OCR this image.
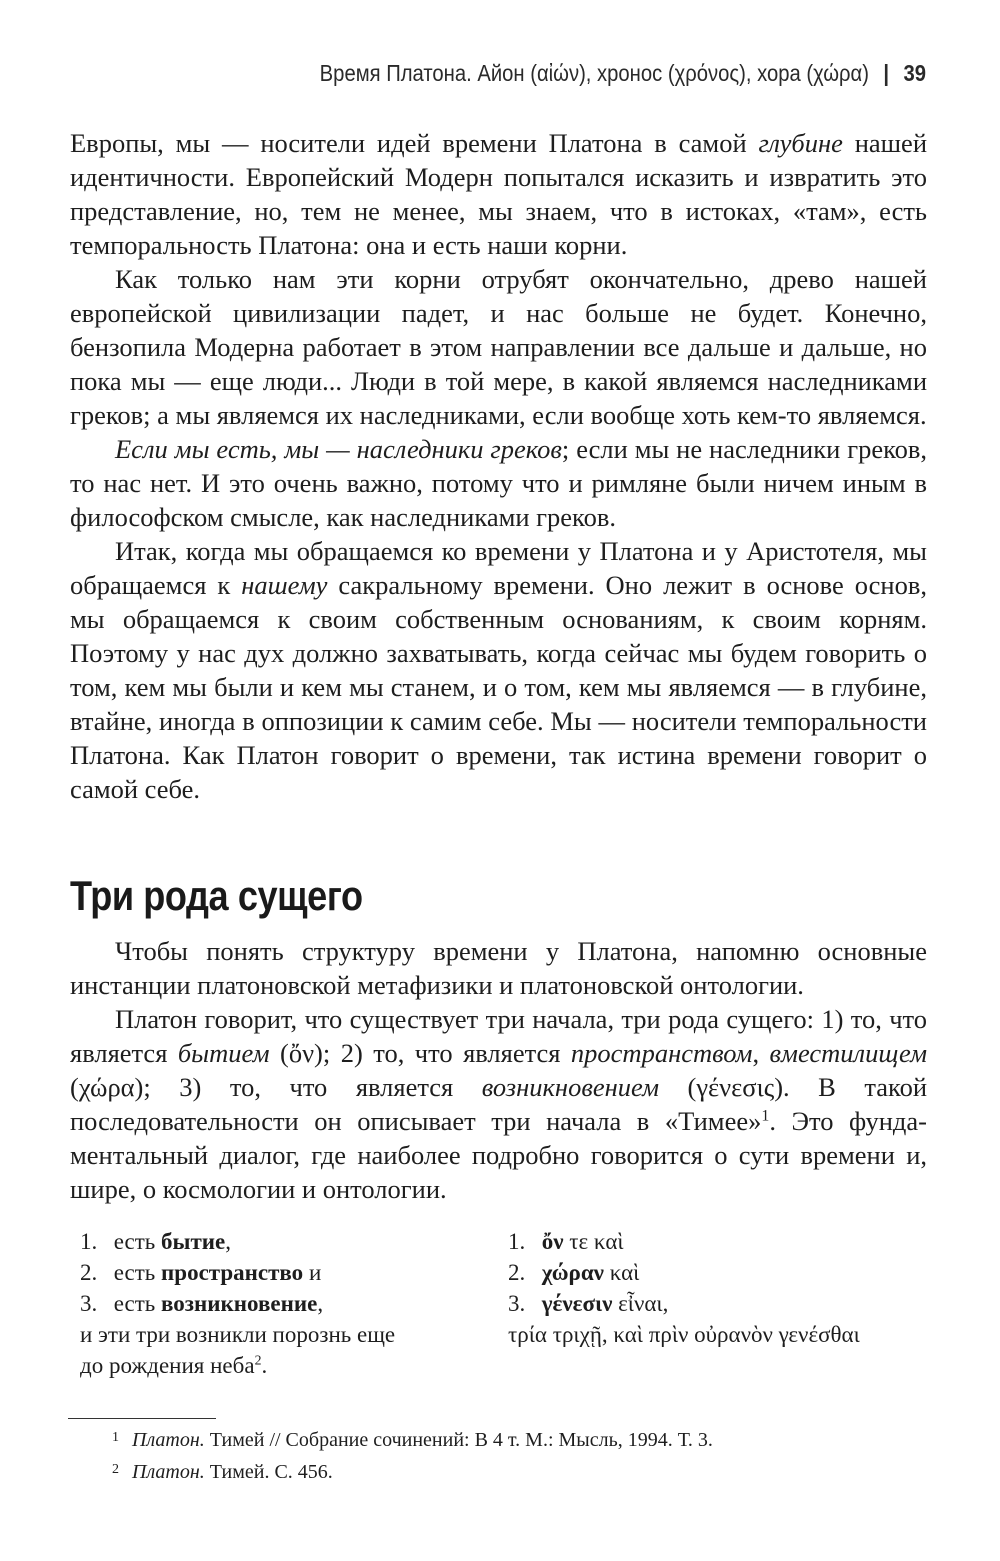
Время Платона. Айон (αἰών), хронос (χρόνος), хора (χώρα) | 39

Европы, мы — носители идей времени Платона в самой глубине нашей идентичности. Европейский Модерн попытался исказить и извратить это представление, но, тем не менее, мы знаем, что в истоках, «там», есть темпоральность Платона: она и есть наши корни.

Как только нам эти корни отрубят окончательно, древо нашей европейской цивилизации падет, и нас больше не будет. Конечно, бензопила Модерна работает в этом направлении все дальше и дальше, но пока мы — еще люди... Люди в той мере, в какой являемся наследниками греков; а мы являемся их наследниками, если вообще хоть кем-то являемся.

Если мы есть, мы — наследники греков; если мы не наследники греков, то нас нет. И это очень важно, потому что и римляне были ничем иным в философском смысле, как наследниками греков.

Итак, когда мы обращаемся ко времени у Платона и у Аристотеля, мы обращаемся к нашему сакральному времени. Оно лежит в основе основ, мы обращаемся к своим собственным основаниям, к своим корням. Поэтому у нас дух должно захватывать, когда сейчас мы будем говорить о том, кем мы были и кем мы станем, и о том, кем мы являемся — в глубине, втайне, иногда в оппозиции к самим себе. Мы — носители темпоральности Платона. Как Платон говорит о времени, так истина времени говорит о самой себе.

Три рода сущего

Чтобы понять структуру времени у Платона, напомню основные инстанции платоновской метафизики и платоновской онтологии.

Платон говорит, что существует три начала, три рода сущего: 1) то, что является бытием (ὄν); 2) то, что является пространством, вместилищем (χώρα); 3) то, что является возникновением (γένεσις). В такой последовательности он описывает три начала в «Тимее»$^1$. Это фундаментальный диалог, где наиболее подробно говорится о сути времени и, шире, о космологии и онтологии.

1. есть бытие,
2. есть пространство и
3. есть возникновение,
и эти три возникли порознь еще
до рождения неба$^2$.
1. ὄν τε καὶ
2. χώραν καὶ
3. γένεσιν εἶναι,
τρία τριχῇ, καὶ πρὶν οὐρανὸν γενέσθαι
1 Платон. Тимей // Собрание сочинений: В 4 т. М.: Мысль, 1994. Т. 3.
2 Платон. Тимей. С. 456.
